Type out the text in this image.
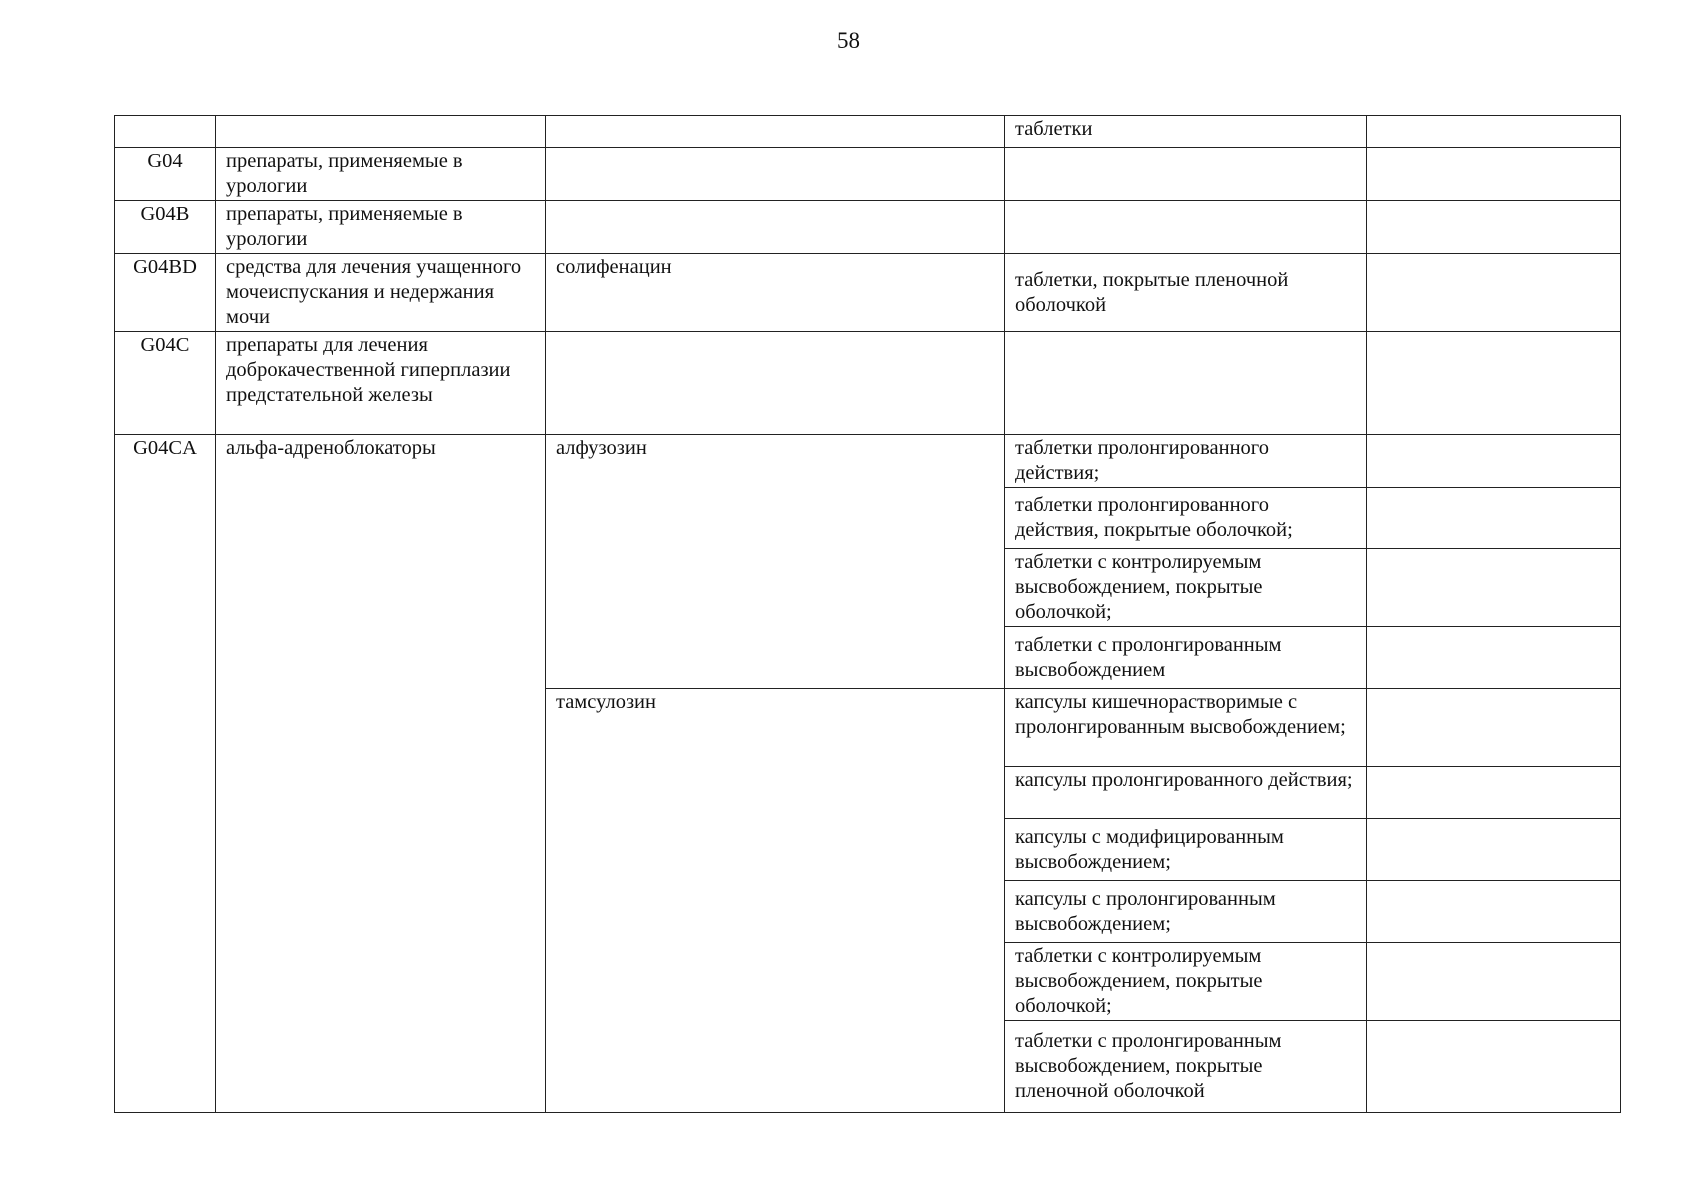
58
			таблетки	
G04	препараты, применяемые в урологии			
G04B	препараты, применяемые в урологии			
G04BD	средства для лечения учащенного мочеиспускания и недержания мочи	солифенацин	таблетки, покрытые пленочной оболочкой	
G04C	препараты для лечения доброкачественной гиперплазии предстательной железы			
G04CA	альфа-адреноблокаторы	алфузозин	таблетки пролонгированного действия;	
			таблетки пролонгированного действия, покрытые оболочкой;	
			таблетки с контролируемым высвобождением, покрытые оболочкой;	
			таблетки с пролонгированным высвобождением	
		тамсулозин	капсулы кишечнорастворимые с пролонгированным высвобождением;	
			капсулы пролонгированного действия;	
			капсулы с модифицированным высвобождением;	
			капсулы с пролонгированным высвобождением;	
			таблетки с контролируемым высвобождением, покрытые оболочкой;	
			таблетки с пролонгированным высвобождением, покрытые пленочной оболочкой	
